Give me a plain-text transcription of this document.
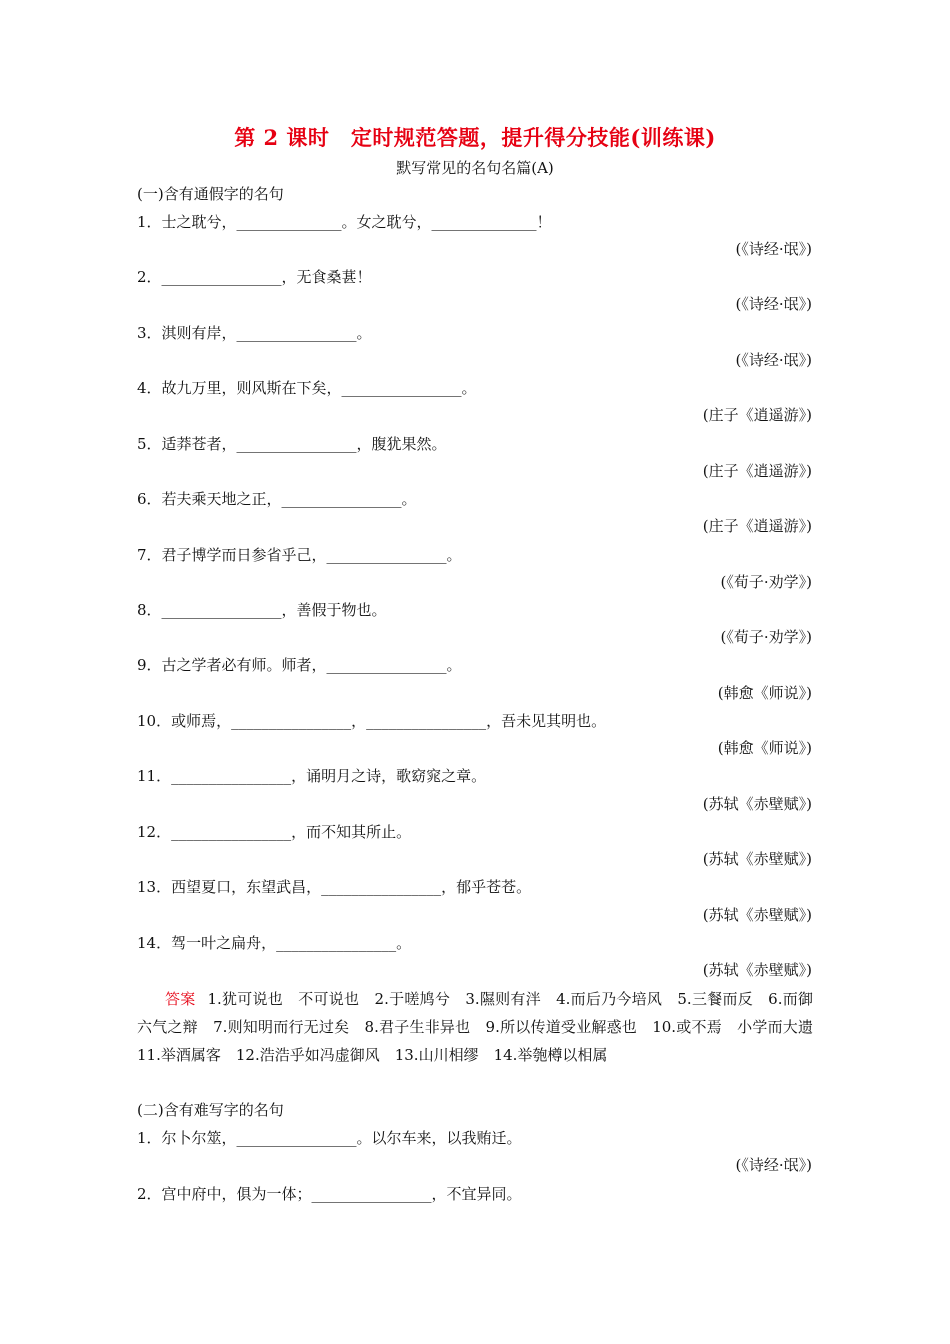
第 2 课时　定时规范答题，提升得分技能(训练课)
默写常见的名句名篇(A)
(一)含有通假字的名句
1．士之耽兮，______________。女之耽兮，______________！
(《诗经·氓》)
2．________________，无食桑葚！
(《诗经·氓》)
3．淇则有岸，________________。
(《诗经·氓》)
4．故九万里，则风斯在下矣，________________。
(庄子《逍遥游》)
5．适莽苍者，________________，腹犹果然。
(庄子《逍遥游》)
6．若夫乘天地之正，________________。
(庄子《逍遥游》)
7．君子博学而日参省乎己，________________。
(《荀子·劝学》)
8．________________，善假于物也。
(《荀子·劝学》)
9．古之学者必有师。师者，________________。
(韩愈《师说》)
10．或师焉，________________，________________，吾未见其明也。
(韩愈《师说》)
11．________________，诵明月之诗，歌窈窕之章。
(苏轼《赤壁赋》)
12．________________，而不知其所止。
(苏轼《赤壁赋》)
13．西望夏口，东望武昌，________________，郁乎苍苍。
(苏轼《赤壁赋》)
14．驾一叶之扁舟，________________。
(苏轼《赤壁赋》)
答案 1.犹可说也　不可说也　2.于嗟鸠兮　3.隰则有泮　4.而后乃今培风　5.三餐而反　6.而御六气之辩　7.则知明而行无过矣　8.君子生非异也　9.所以传道受业解惑也　10.或不焉　小学而大遗　11.举酒属客　12.浩浩乎如冯虚御风　13.山川相缪　14.举匏樽以相属
(二)含有难写字的名句
1．尔卜尔筮，________________。以尔车来，以我贿迁。
(《诗经·氓》)
2．宫中府中，俱为一体；________________，不宜异同。
